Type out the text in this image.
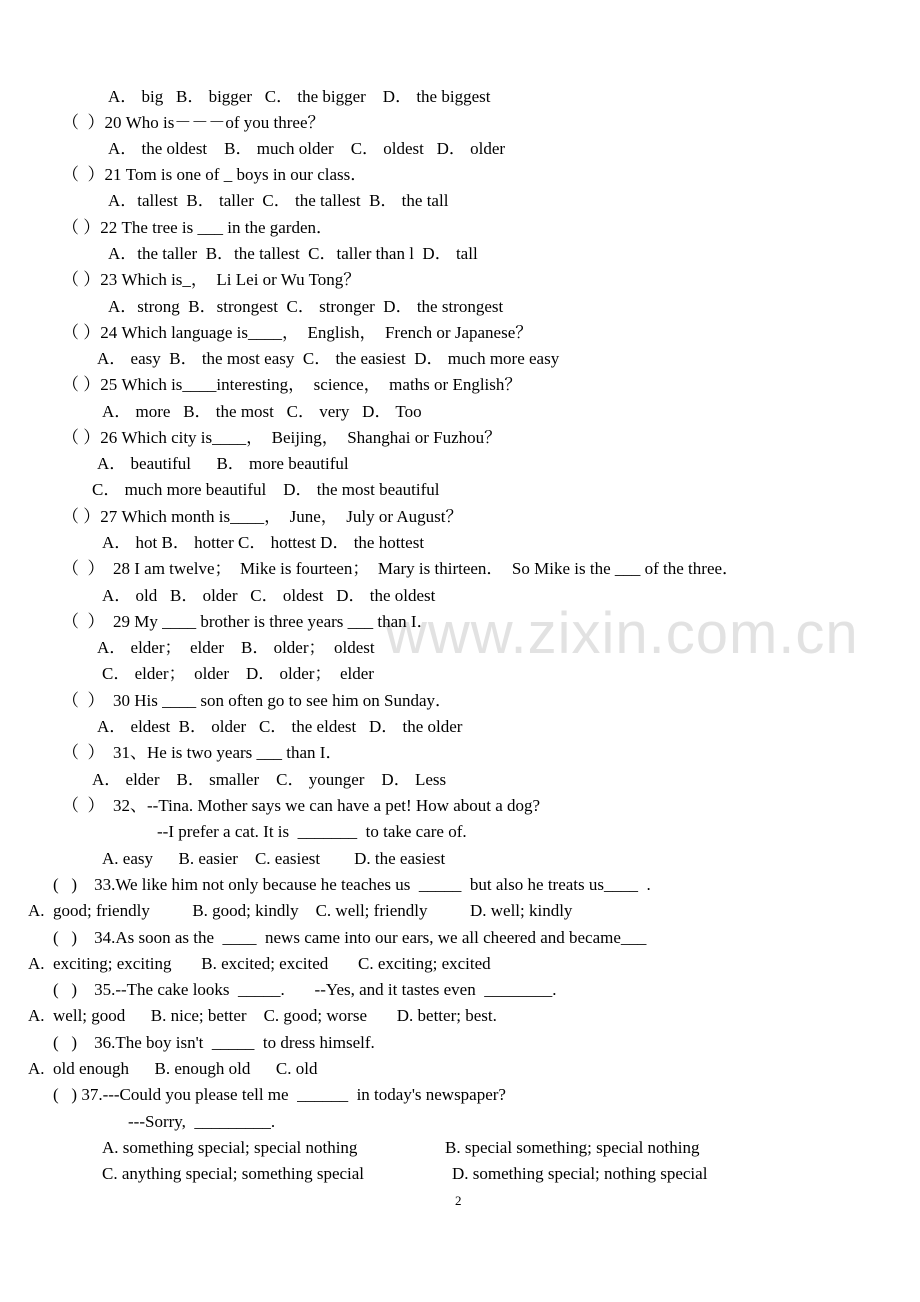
www.zixin.com.cn
A． big   B． bigger   C． the bigger    D． the biggest
（  ）20 Who is－－－of you three？
A． the oldest    B． much older    C． oldest   D． older
（  ）21 Tom is one of _ boys in our class．
A．tallest  B． taller  C． the tallest  B． the tall
（ ）22 The tree is ___ in the garden．
A．the taller  B．the tallest  C．taller than l  D． tall
（ ）23 Which is_，  Li Lei or Wu Tong？
A．strong  B．strongest  C． stronger  D． the strongest
（ ）24 Which language is____，  English，  French or Japanese？
A． easy  B． the most easy  C． the easiest  D． much more easy
（ ）25 Which is____interesting，  science，  maths or English？
A． more   B． the most   C． very   D． Too
（ ）26 Which city is____，  Beijing，  Shanghai or Fuzhou？
A． beautiful      B． more beautiful
C． much more beautiful    D． the most beautiful
（ ）27 Which month is____，  June，  July or August？
A． hot B． hotter C． hottest D． the hottest
（  ）  28 I am twelve；  Mike is fourteen；  Mary is thirteen．  So Mike is the ___ of the three．
A． old   B． older   C． oldest   D． the oldest
（  ）  29 My ____ brother is three years ___ than I．
A． elder；  elder    B． older；  oldest
C． elder；  older    D． older；  elder
（  ）  30 His ____ son often go to see him on Sunday．
A． eldest  B． older   C． the eldest   D． the older
（  ）  31、He is two years ___ than I．
A． elder    B． smaller    C． younger    D． Less
（  ）  32、--Tina. Mother says we can have a pet! How about a dog?
--I prefer a cat. It is  _______  to take care of.
A. easy      B. easier    C. easiest        D. the easiest
(   )    33.We like him not only because he teaches us  _____  but also he treats us____  .
A.  good; friendly          B. good; kindly    C. well; friendly          D. well; kindly
(   )    34.As soon as the  ____  news came into our ears, we all cheered and became___
A.  exciting; exciting       B. excited; excited       C. exciting; excited
(   )    35.--The cake looks  _____.       --Yes, and it tastes even  ________.
A.  well; good      B. nice; better    C. good; worse       D. better; best.
(   )    36.The boy isn't  _____  to dress himself.
A.  old enough      B. enough old      C. old
(   ) 37.---Could you please tell me  ______  in today's newspaper?
---Sorry,  _________.
A. something special; special nothing	B. special something; special nothing
C. anything special; something special	D. something special; nothing special
2
